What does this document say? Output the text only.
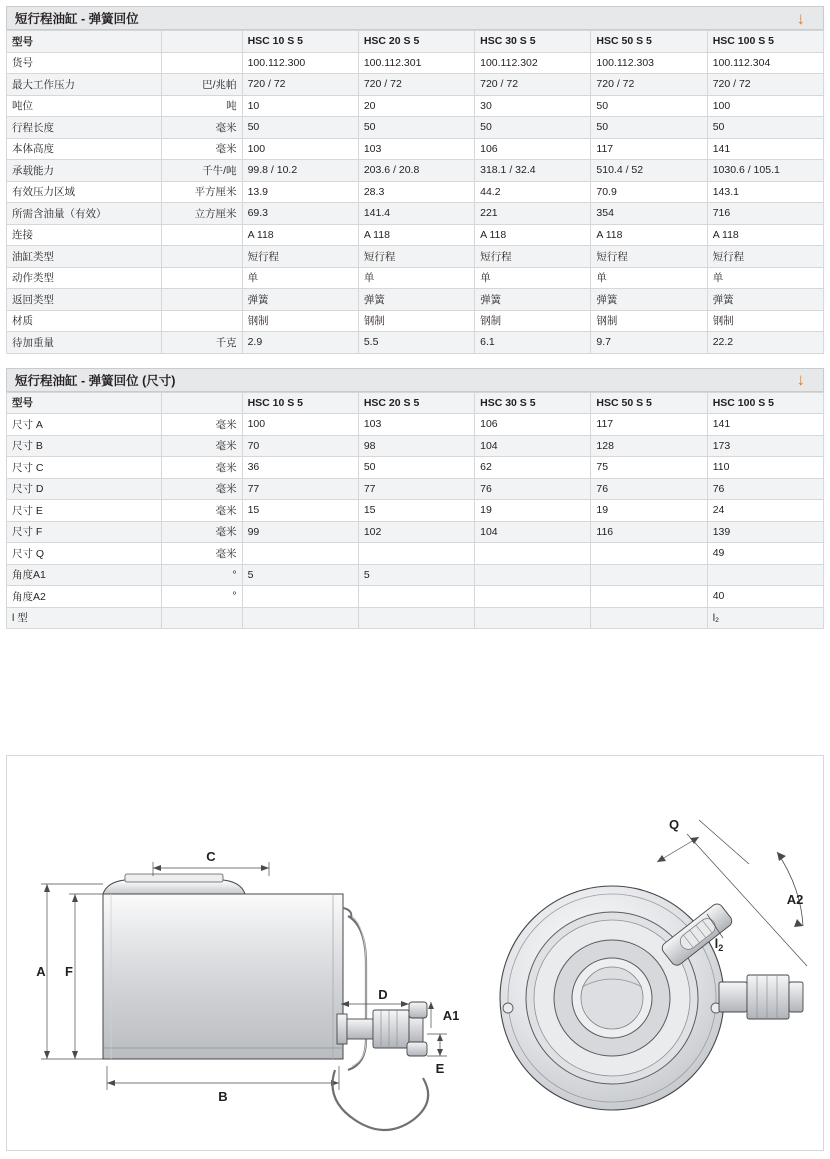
短行程油缸 - 弹簧回位	↓
型号		HSC 10 S 5	HSC 20 S 5	HSC 30 S 5	HSC 50 S 5	HSC 100 S 5
货号		100.112.300	100.112.301	100.112.302	100.112.303	100.112.304
最大工作压力	巴/兆帕	720 / 72	720 / 72	720 / 72	720 / 72	720 / 72
吨位	吨	10	20	30	50	100
行程长度	毫米	50	50	50	50	50
本体高度	毫米	100	103	106	117	141
承载能力	千牛/吨	99.8 / 10.2	203.6 / 20.8	318.1 / 32.4	510.4 / 52	1030.6 / 105.1
有效压力区域	平方厘米	13.9	28.3	44.2	70.9	143.1
所需含油量（有效）	立方厘米	69.3	141.4	221	354	716
连接		A 118	A 118	A 118	A 118	A 118
油缸类型		短行程	短行程	短行程	短行程	短行程
动作类型		单	单	单	单	单
返回类型		弹簧	弹簧	弹簧	弹簧	弹簧
材质		钢制	钢制	钢制	钢制	钢制
待加重量	千克	2.9	5.5	6.1	9.7	22.2
短行程油缸 - 弹簧回位 (尺寸)	↓
型号		HSC 10 S 5	HSC 20 S 5	HSC 30 S 5	HSC 50 S 5	HSC 100 S 5
尺寸 A	毫米	100	103	106	117	141
尺寸 B	毫米	70	98	104	128	173
尺寸 C	毫米	36	50	62	75	110
尺寸 D	毫米	77	77	76	76	76
尺寸 E	毫米	15	15	19	19	24
尺寸 F	毫米	99	102	104	116	139
尺寸 Q	毫米					49
角度A1	°	5	5			
角度A2	°					40
l 型						l₂
A F
C
B
D
E
A1
Q
A2
$l_2$
